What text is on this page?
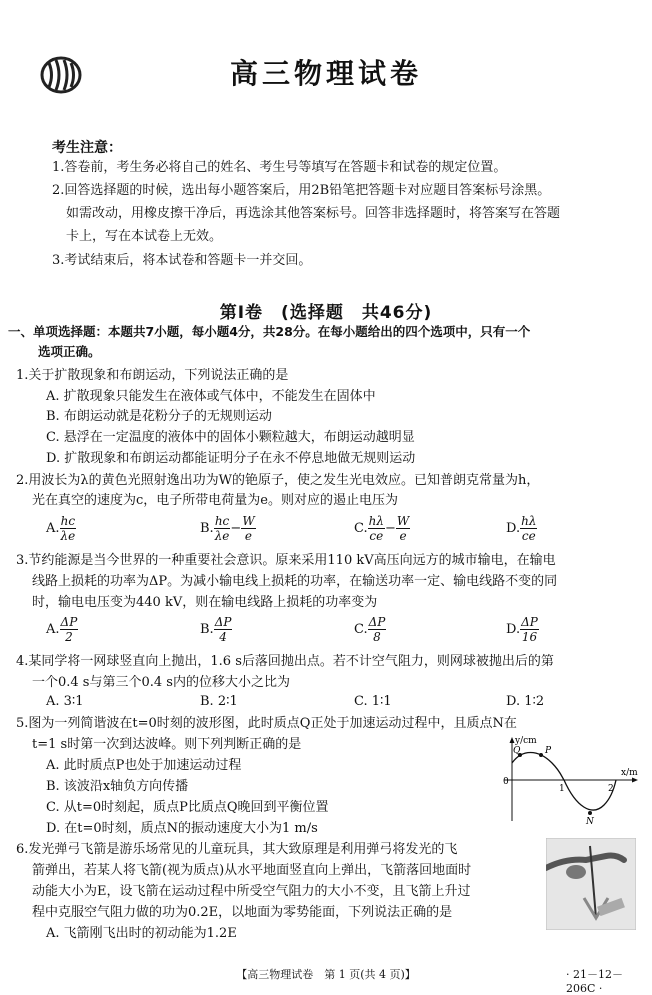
高三物理试卷
考生注意：
1.答卷前，考生务必将自己的姓名、考生号等填写在答题卡和试卷的规定位置。
2.回答选择题的时候，选出每小题答案后，用2B铅笔把答题卡对应题目答案标号涂黑。
如需改动，用橡皮擦干净后，再选涂其他答案标号。回答非选择题时，将答案写在答题
卡上，写在本试卷上无效。
3.考试结束后，将本试卷和答题卡一并交回。
第Ⅰ卷　(选择题　共46分)
一、单项选择题：本题共7小题，每小题4分，共28分。在每小题给出的四个选项中，只有一个
选项正确。
1.关于扩散现象和布朗运动，下列说法正确的是
A. 扩散现象只能发生在液体或气体中，不能发生在固体中
B. 布朗运动就是花粉分子的无规则运动
C. 悬浮在一定温度的液体中的固体小颗粒越大，布朗运动越明显
D. 扩散现象和布朗运动都能证明分子在永不停息地做无规则运动
2.用波长为λ的黄色光照射逸出功为W的铯原子，使之发生光电效应。已知普朗克常量为h，
光在真空的速度为c，电子所带电荷量为e。则对应的遏止电压为
A. $\frac{hc}{\lambda e}$	B. $\frac{hc}{\lambda e} - \frac{W}{e}$	C. $\frac{h\lambda}{ce} - \frac{W}{e}$	D. $\frac{h\lambda}{ce}$
3.节约能源是当今世界的一种重要社会意识。原来采用110 kV高压向远方的城市输电，在输电
线路上损耗的功率为ΔP。为减小输电线上损耗的功率，在输送功率一定、输电线路不变的同
时，输电电压变为440 kV，则在输电线路上损耗的功率变为
A. $\frac{\Delta P}{2}$	B. $\frac{\Delta P}{4}$	C. $\frac{\Delta P}{8}$	D. $\frac{\Delta P}{16}$
4.某同学将一网球竖直向上抛出，1.6 s后落回抛出点。若不计空气阻力，则网球被抛出后的第
一个0.4 s与第三个0.4 s内的位移大小之比为
A. 3∶1	B. 2∶1	C. 1∶1	D. 1∶2
5.图为一列简谐波在t=0时刻的波形图，此时质点Q正处于加速运动过程中，且质点N在
t=1 s时第一次到达波峰。则下列判断正确的是
A. 此时质点P也处于加速运动过程
B. 该波沿x轴负方向传播
C. 从t=0时刻起，质点P比质点Q晚回到平衡位置
D. 在t=0时刻，质点N的振动速度大小为1 m/s
y/cm
x/m
0
1	2
Q	P
N
6.发光弹弓飞箭是游乐场常见的儿童玩具，其大致原理是利用弹弓将发光的飞
箭弹出，若某人将飞箭(视为质点)从水平地面竖直向上弹出，飞箭落回地面时
动能大小为E，设飞箭在运动过程中所受空气阻力的大小不变，且飞箭上升过
程中克服空气阻力做的功为0.2E，以地面为零势能面，下列说法正确的是
A. 飞箭刚飞出时的初动能为1.2E
【高三物理试卷　第 1 页(共 4 页)】	· 21－12－206C ·
